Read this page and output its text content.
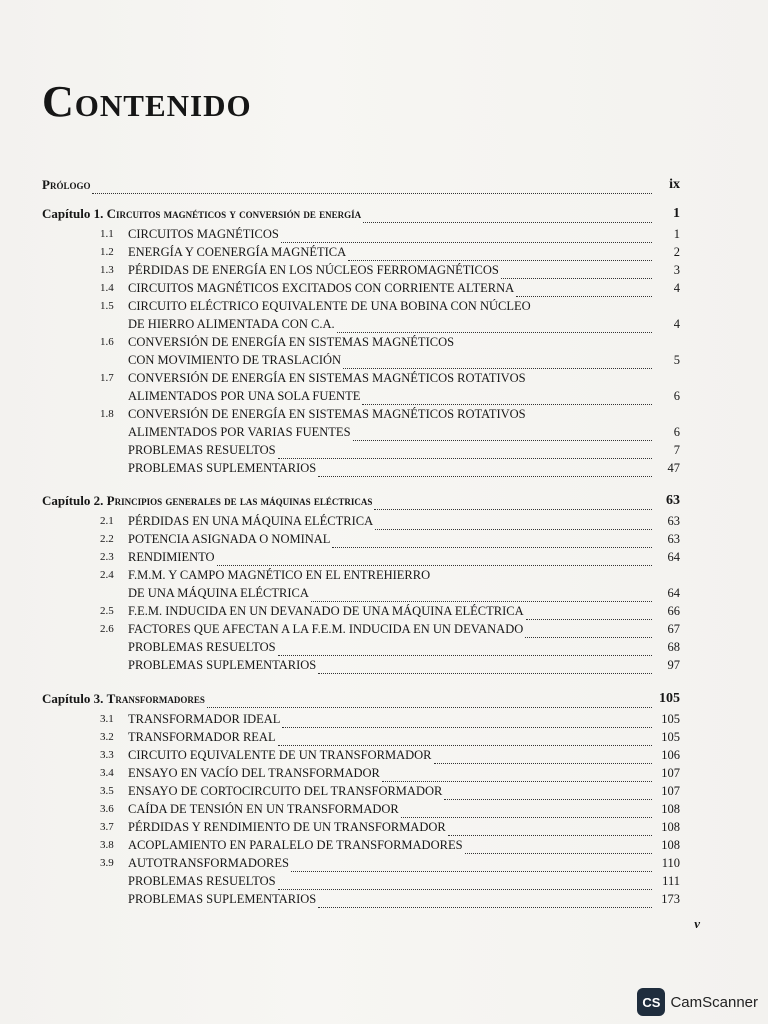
Contenido
Prólogo	ix
Capítulo 1.
Circuitos magnéticos y conversión de energía	1
1.1	CIRCUITOS MAGNÉTICOS	1
1.2	ENERGÍA Y COENERGÍA MAGNÉTICA	2
1.3	PÉRDIDAS DE ENERGÍA EN LOS NÚCLEOS FERROMAGNÉTICOS	3
1.4	CIRCUITOS MAGNÉTICOS EXCITADOS CON CORRIENTE ALTERNA	4
1.5	CIRCUITO ELÉCTRICO EQUIVALENTE DE UNA BOBINA CON NÚCLEO
DE HIERRO ALIMENTADA CON C.A.	4
1.6	CONVERSIÓN DE ENERGÍA EN SISTEMAS MAGNÉTICOS
CON MOVIMIENTO DE TRASLACIÓN	5
1.7	CONVERSIÓN DE ENERGÍA EN SISTEMAS MAGNÉTICOS ROTATIVOS
ALIMENTADOS POR UNA SOLA FUENTE	6
1.8	CONVERSIÓN DE ENERGÍA EN SISTEMAS MAGNÉTICOS ROTATIVOS
ALIMENTADOS POR VARIAS FUENTES	6
PROBLEMAS RESUELTOS	7
PROBLEMAS SUPLEMENTARIOS	47
Capítulo 2.
Principios generales de las máquinas eléctricas	63
2.1	PÉRDIDAS EN UNA MÁQUINA ELÉCTRICA	63
2.2	POTENCIA ASIGNADA O NOMINAL	63
2.3	RENDIMIENTO	64
2.4	F.M.M. Y CAMPO MAGNÉTICO EN EL ENTREHIERRO
DE UNA MÁQUINA ELÉCTRICA	64
2.5	F.E.M. INDUCIDA EN UN DEVANADO DE UNA MÁQUINA ELÉCTRICA	66
2.6	FACTORES QUE AFECTAN A LA F.E.M. INDUCIDA EN UN DEVANADO	67
PROBLEMAS RESUELTOS	68
PROBLEMAS SUPLEMENTARIOS	97
Capítulo 3.
Transformadores	105
3.1	TRANSFORMADOR IDEAL	105
3.2	TRANSFORMADOR REAL	105
3.3	CIRCUITO EQUIVALENTE DE UN TRANSFORMADOR	106
3.4	ENSAYO EN VACÍO DEL TRANSFORMADOR	107
3.5	ENSAYO DE CORTOCIRCUITO DEL TRANSFORMADOR	107
3.6	CAÍDA DE TENSIÓN EN UN TRANSFORMADOR	108
3.7	PÉRDIDAS Y RENDIMIENTO DE UN TRANSFORMADOR	108
3.8	ACOPLAMIENTO EN PARALELO DE TRANSFORMADORES	108
3.9	AUTOTRANSFORMADORES	110
PROBLEMAS RESUELTOS	111
PROBLEMAS SUPLEMENTARIOS	173
v
CS CamScanner
